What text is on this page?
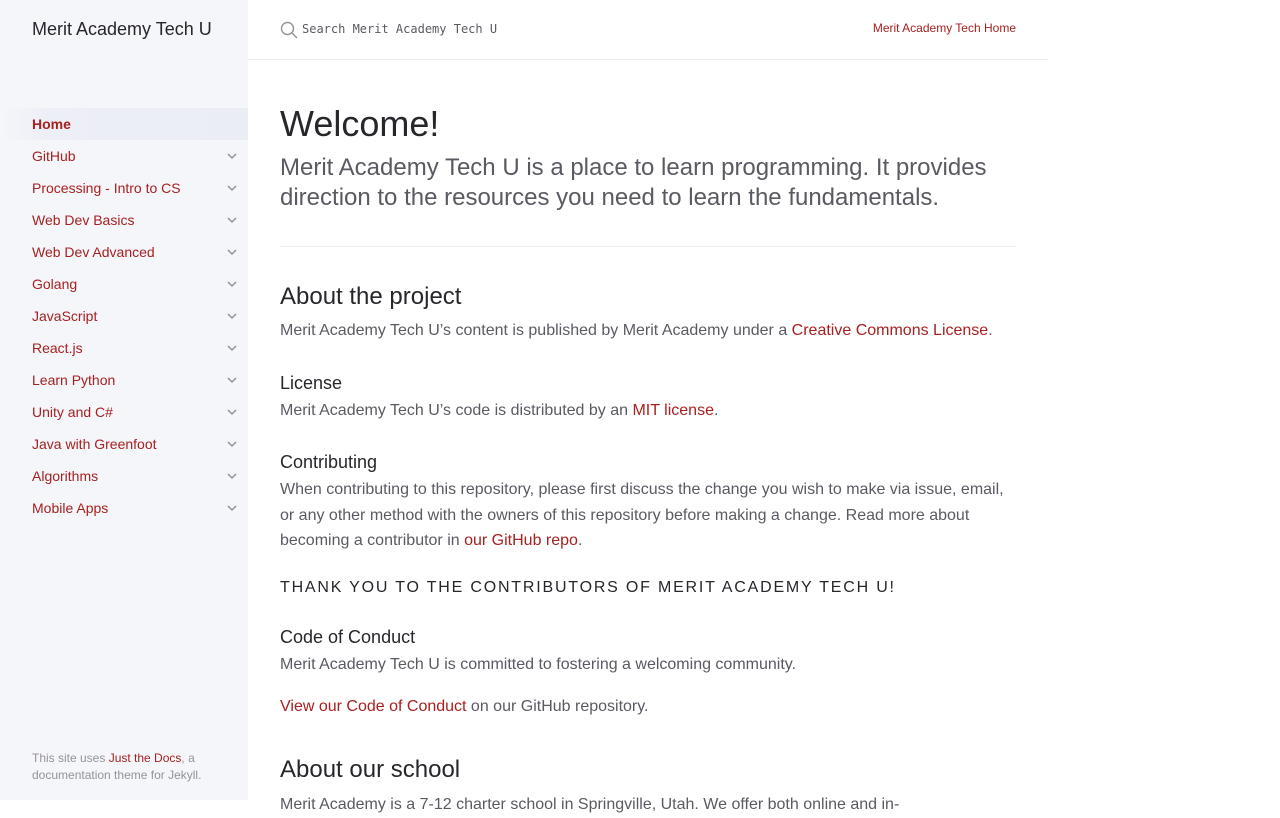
Merit Academy Tech U
Home
GitHub
Processing - Intro to CS
Web Dev Basics
Web Dev Advanced
Golang
JavaScript
React.js
Learn Python
Unity and C#
Java with Greenfoot
Algorithms
Mobile Apps
This site uses Just the Docs, a documentation theme for Jekyll.
Search Merit Academy Tech U
Merit Academy Tech Home
Welcome!

Merit Academy Tech U is a place to learn programming. It provides direction to the resources you need to learn the fundamentals.

About the project

Merit Academy Tech U’s content is published by Merit Academy under a Creative Commons License.

License

Merit Academy Tech U’s code is distributed by an MIT license.

Contributing

When contributing to this repository, please first discuss the change you wish to make via issue, email, or any other method with the owners of this repository before making a change. Read more about becoming a contributor in our GitHub repo.

THANK YOU TO THE CONTRIBUTORS OF MERIT ACADEMY TECH U!
Code of Conduct

Merit Academy Tech U is committed to fostering a welcoming community.

View our Code of Conduct on our GitHub repository.

About our school

Merit Academy is a 7-12 charter school in Springville, Utah. We offer both online and in-
